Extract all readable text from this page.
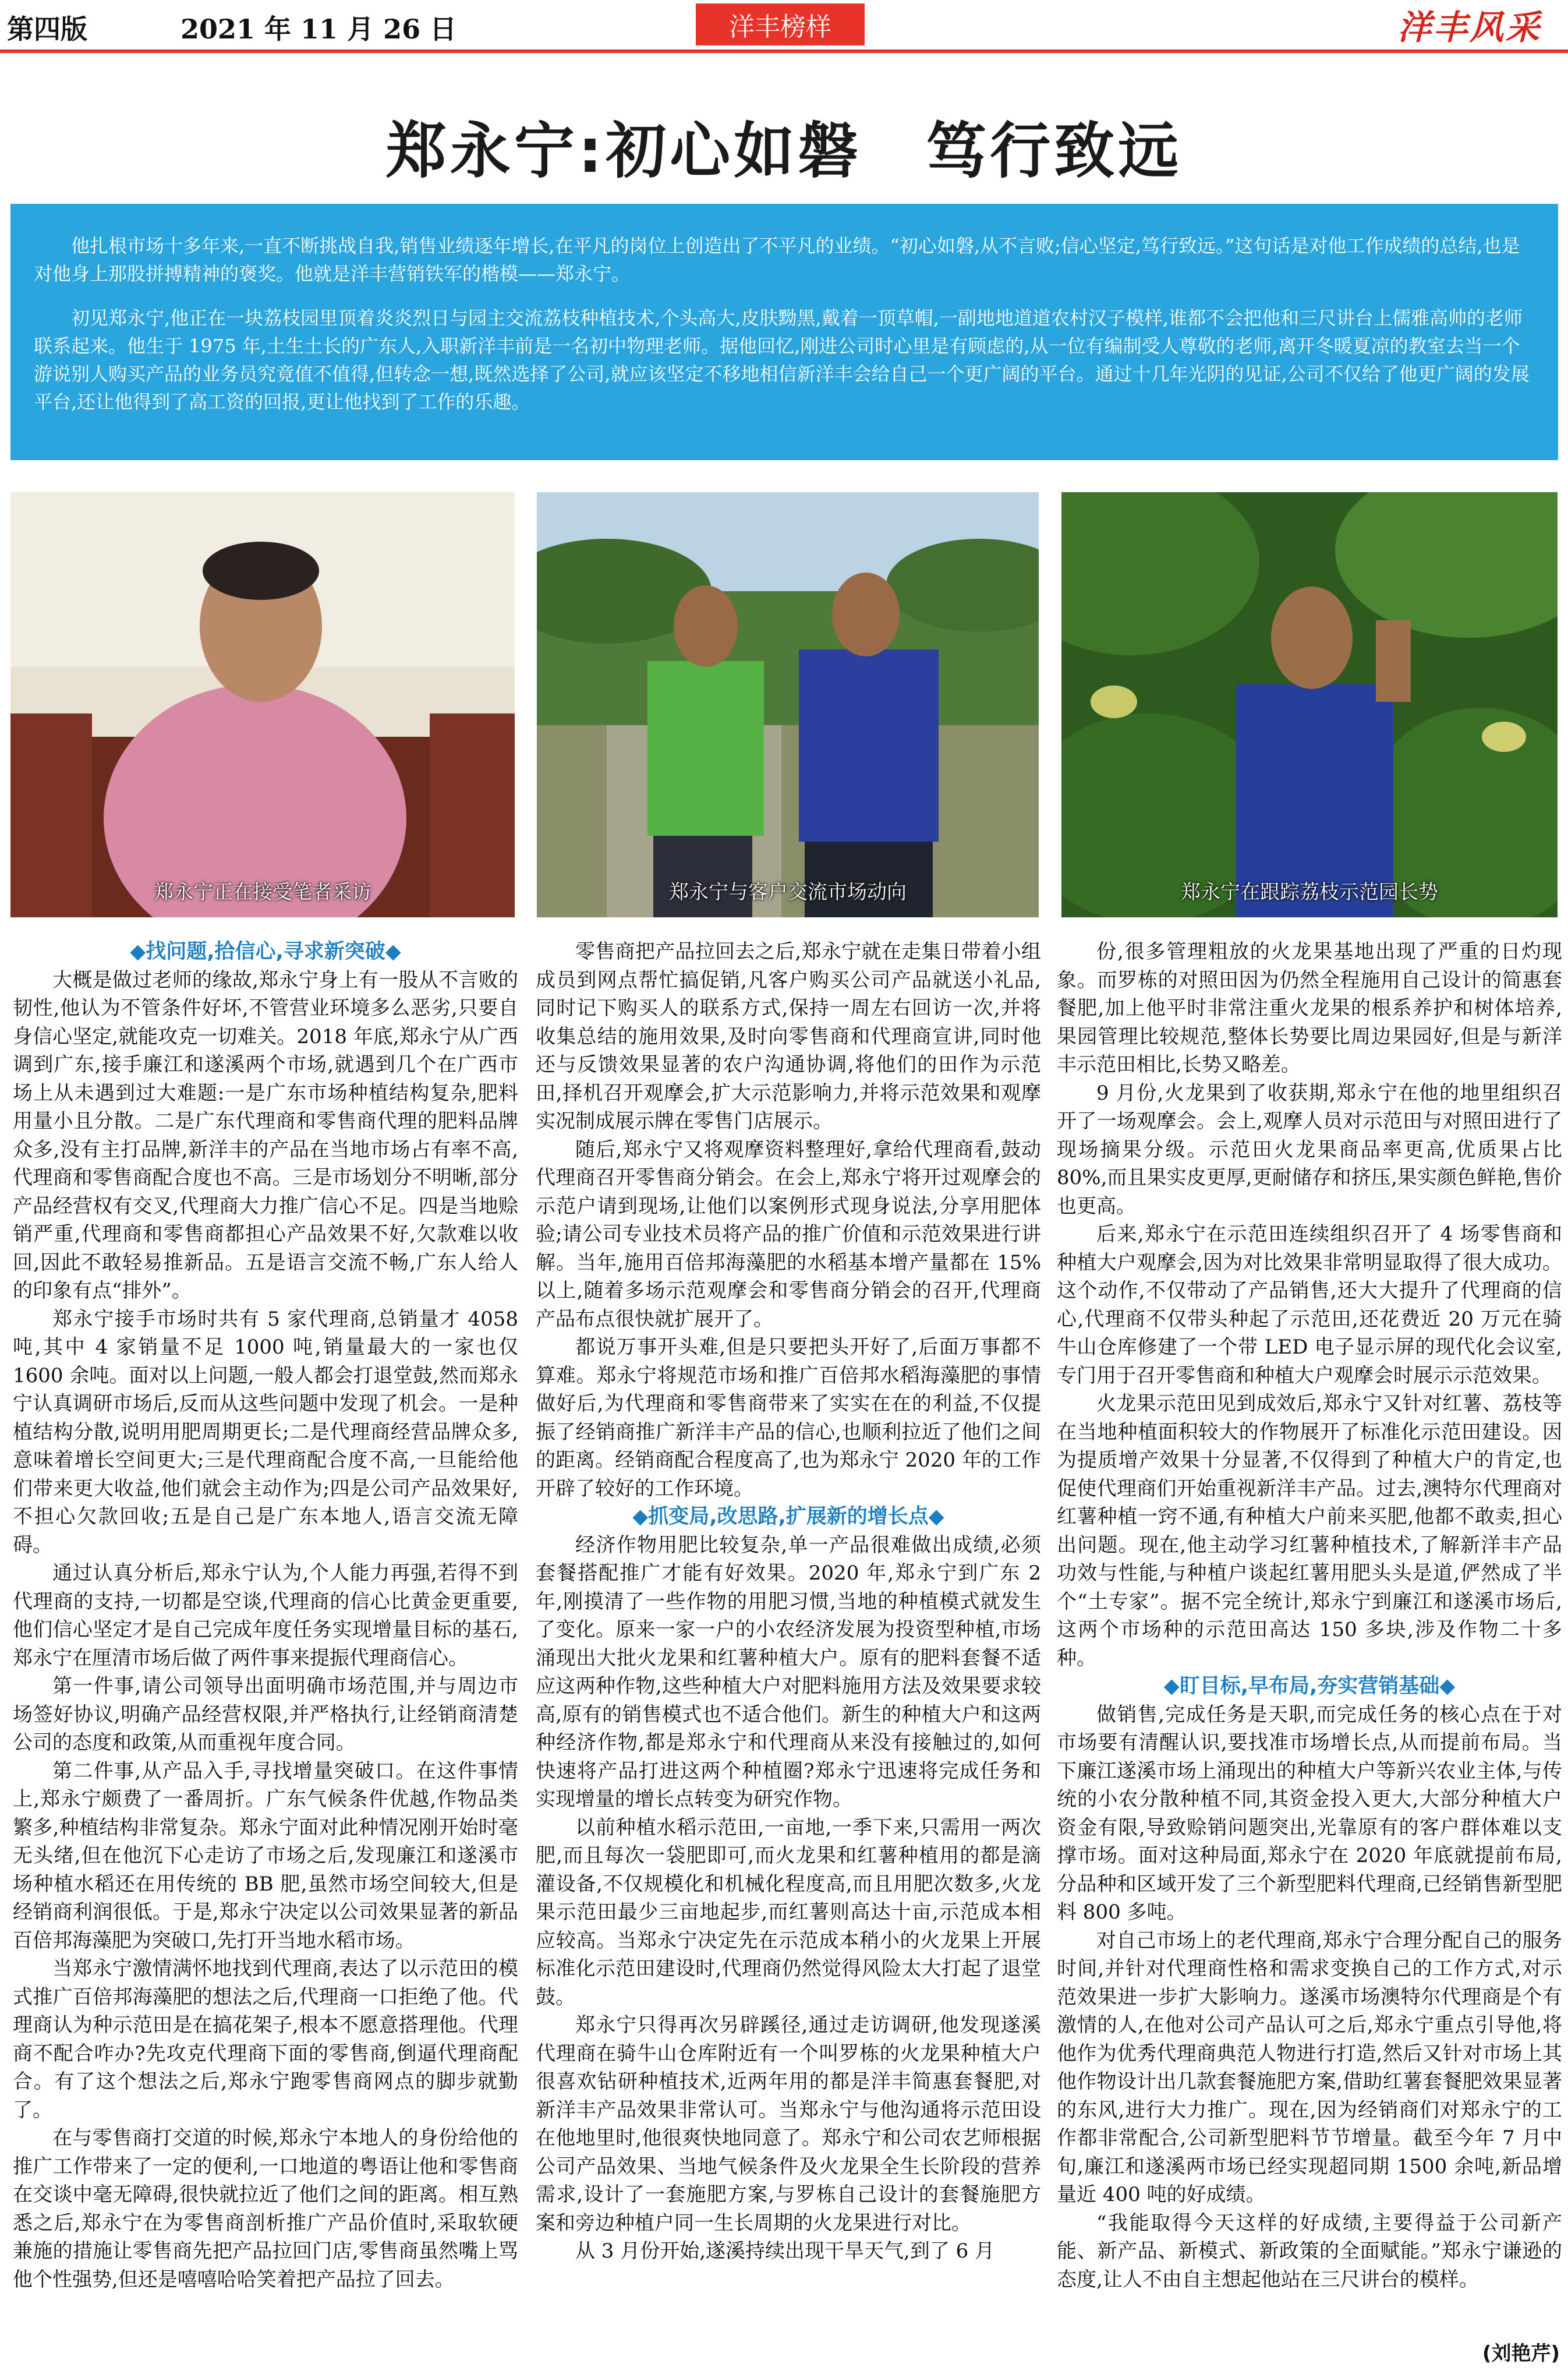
第四版	2021 年 11 月 26 日	洋丰榜样	洋丰风采
郑永宁:初心如磐　笃行致远

他扎根市场十多年来,一直不断挑战自我,销售业绩逐年增长,在平凡的岗位上创造出了不平凡的业绩。“初心如磐,从不言败;信心坚定,笃行致远。”这句话是对他工作成绩的总结,也是对他身上那股拼搏精神的褒奖。他就是洋丰营销铁军的楷模——郑永宁。

初见郑永宁,他正在一块荔枝园里顶着炎炎烈日与园主交流荔枝种植技术,个头高大,皮肤黝黑,戴着一顶草帽,一副地地道道农村汉子模样,谁都不会把他和三尺讲台上儒雅高帅的老师联系起来。他生于 1975 年,土生土长的广东人,入职新洋丰前是一名初中物理老师。据他回忆,刚进公司时心里是有顾虑的,从一位有编制受人尊敬的老师,离开冬暖夏凉的教室去当一个游说别人购买产品的业务员究竟值不值得,但转念一想,既然选择了公司,就应该坚定不移地相信新洋丰会给自己一个更广阔的平台。通过十几年光阴的见证,公司不仅给了他更广阔的发展平台,还让他得到了高工资的回报,更让他找到了工作的乐趣。

郑永宁正在接受笔者采访	郑永宁与客户交流市场动向	郑永宁在跟踪荔枝示范园长势

◆找问题,拾信心,寻求新突破◆

大概是做过老师的缘故,郑永宁身上有一股从不言败的韧性,他认为不管条件好坏,不管营业环境多么恶劣,只要自身信心坚定,就能攻克一切难关。2018 年底,郑永宁从广西调到广东,接手廉江和遂溪两个市场,就遇到几个在广西市场上从未遇到过大难题:一是广东市场种植结构复杂,肥料用量小且分散。二是广东代理商和零售商代理的肥料品牌众多,没有主打品牌,新洋丰的产品在当地市场占有率不高,代理商和零售商配合度也不高。三是市场划分不明晰,部分产品经营权有交叉,代理商大力推广信心不足。四是当地赊销严重,代理商和零售商都担心产品效果不好,欠款难以收回,因此不敢轻易推新品。五是语言交流不畅,广东人给人的印象有点“排外”。

郑永宁接手市场时共有 5 家代理商,总销量才 4058 吨,其中 4 家销量不足 1000 吨,销量最大的一家也仅 1600 余吨。面对以上问题,一般人都会打退堂鼓,然而郑永宁认真调研市场后,反而从这些问题中发现了机会。一是种植结构分散,说明用肥周期更长;二是代理商经营品牌众多,意味着增长空间更大;三是代理商配合度不高,一旦能给他们带来更大收益,他们就会主动作为;四是公司产品效果好,不担心欠款回收;五是自己是广东本地人,语言交流无障碍。

通过认真分析后,郑永宁认为,个人能力再强,若得不到代理商的支持,一切都是空谈,代理商的信心比黄金更重要,他们信心坚定才是自己完成年度任务实现增量目标的基石,郑永宁在厘清市场后做了两件事来提振代理商信心。

第一件事,请公司领导出面明确市场范围,并与周边市场签好协议,明确产品经营权限,并严格执行,让经销商清楚公司的态度和政策,从而重视年度合同。

第二件事,从产品入手,寻找增量突破口。在这件事情上,郑永宁颇费了一番周折。广东气候条件优越,作物品类繁多,种植结构非常复杂。郑永宁面对此种情况刚开始时毫无头绪,但在他沉下心走访了市场之后,发现廉江和遂溪市场种植水稻还在用传统的 BB 肥,虽然市场空间较大,但是经销商利润很低。于是,郑永宁决定以公司效果显著的新品百倍邦海藻肥为突破口,先打开当地水稻市场。

当郑永宁激情满怀地找到代理商,表达了以示范田的模式推广百倍邦海藻肥的想法之后,代理商一口拒绝了他。代理商认为种示范田是在搞花架子,根本不愿意搭理他。代理商不配合咋办?先攻克代理商下面的零售商,倒逼代理商配合。有了这个想法之后,郑永宁跑零售商网点的脚步就勤了。

在与零售商打交道的时候,郑永宁本地人的身份给他的推广工作带来了一定的便利,一口地道的粤语让他和零售商在交谈中毫无障碍,很快就拉近了他们之间的距离。相互熟悉之后,郑永宁在为零售商剖析推广产品价值时,采取软硬兼施的措施让零售商先把产品拉回门店,零售商虽然嘴上骂他个性强势,但还是嘻嘻哈哈笑着把产品拉了回去。

零售商把产品拉回去之后,郑永宁就在走集日带着小组成员到网点帮忙搞促销,凡客户购买公司产品就送小礼品,同时记下购买人的联系方式,保持一周左右回访一次,并将收集总结的施用效果,及时向零售商和代理商宣讲,同时他还与反馈效果显著的农户沟通协调,将他们的田作为示范田,择机召开观摩会,扩大示范影响力,并将示范效果和观摩实况制成展示牌在零售门店展示。

随后,郑永宁又将观摩资料整理好,拿给代理商看,鼓动代理商召开零售商分销会。在会上,郑永宁将开过观摩会的示范户请到现场,让他们以案例形式现身说法,分享用肥体验;请公司专业技术员将产品的推广价值和示范效果进行讲解。当年,施用百倍邦海藻肥的水稻基本增产量都在 15%以上,随着多场示范观摩会和零售商分销会的召开,代理商产品布点很快就扩展开了。

都说万事开头难,但是只要把头开好了,后面万事都不算难。郑永宁将规范市场和推广百倍邦水稻海藻肥的事情做好后,为代理商和零售商带来了实实在在的利益,不仅提振了经销商推广新洋丰产品的信心,也顺利拉近了他们之间的距离。经销商配合程度高了,也为郑永宁 2020 年的工作开辟了较好的工作环境。

◆抓变局,改思路,扩展新的增长点◆

经济作物用肥比较复杂,单一产品很难做出成绩,必须套餐搭配推广才能有好效果。2020 年,郑永宁到广东 2 年,刚摸清了一些作物的用肥习惯,当地的种植模式就发生了变化。原来一家一户的小农经济发展为投资型种植,市场涌现出大批火龙果和红薯种植大户。原有的肥料套餐不适应这两种作物,这些种植大户对肥料施用方法及效果要求较高,原有的销售模式也不适合他们。新生的种植大户和这两种经济作物,都是郑永宁和代理商从来没有接触过的,如何快速将产品打进这两个种植圈?郑永宁迅速将完成任务和实现增量的增长点转变为研究作物。

以前种植水稻示范田,一亩地,一季下来,只需用一两次肥,而且每次一袋肥即可,而火龙果和红薯种植用的都是滴灌设备,不仅规模化和机械化程度高,而且用肥次数多,火龙果示范田最少三亩地起步,而红薯则高达十亩,示范成本相应较高。当郑永宁决定先在示范成本稍小的火龙果上开展标准化示范田建设时,代理商仍然觉得风险太大打起了退堂鼓。

郑永宁只得再次另辟蹊径,通过走访调研,他发现遂溪代理商在骑牛山仓库附近有一个叫罗栋的火龙果种植大户很喜欢钻研种植技术,近两年用的都是洋丰简惠套餐肥,对新洋丰产品效果非常认可。当郑永宁与他沟通将示范田设在他地里时,他很爽快地同意了。郑永宁和公司农艺师根据公司产品效果、当地气候条件及火龙果全生长阶段的营养需求,设计了一套施肥方案,与罗栋自己设计的套餐施肥方案和旁边种植户同一生长周期的火龙果进行对比。

从 3 月份开始,遂溪持续出现干旱天气,到了 6 月

份,很多管理粗放的火龙果基地出现了严重的日灼现象。而罗栋的对照田因为仍然全程施用自己设计的简惠套餐肥,加上他平时非常注重火龙果的根系养护和树体培养,果园管理比较规范,整体长势要比周边果园好,但是与新洋丰示范田相比,长势又略差。

9 月份,火龙果到了收获期,郑永宁在他的地里组织召开了一场观摩会。会上,观摩人员对示范田与对照田进行了现场摘果分级。示范田火龙果商品率更高,优质果占比 80%,而且果实皮更厚,更耐储存和挤压,果实颜色鲜艳,售价也更高。

后来,郑永宁在示范田连续组织召开了 4 场零售商和种植大户观摩会,因为对比效果非常明显取得了很大成功。这个动作,不仅带动了产品销售,还大大提升了代理商的信心,代理商不仅带头种起了示范田,还花费近 20 万元在骑牛山仓库修建了一个带 LED 电子显示屏的现代化会议室,专门用于召开零售商和种植大户观摩会时展示示范效果。

火龙果示范田见到成效后,郑永宁又针对红薯、荔枝等在当地种植面积较大的作物展开了标准化示范田建设。因为提质增产效果十分显著,不仅得到了种植大户的肯定,也促使代理商们开始重视新洋丰产品。过去,澳特尔代理商对红薯种植一窍不通,有种植大户前来买肥,他都不敢卖,担心出问题。现在,他主动学习红薯种植技术,了解新洋丰产品功效与性能,与种植户谈起红薯用肥头头是道,俨然成了半个“土专家”。据不完全统计,郑永宁到廉江和遂溪市场后,这两个市场种的示范田高达 150 多块,涉及作物二十多种。

◆盯目标,早布局,夯实营销基础◆

做销售,完成任务是天职,而完成任务的核心点在于对市场要有清醒认识,要找准市场增长点,从而提前布局。当下廉江遂溪市场上涌现出的种植大户等新兴农业主体,与传统的小农分散种植不同,其资金投入更大,大部分种植大户资金有限,导致赊销问题突出,光靠原有的客户群体难以支撑市场。面对这种局面,郑永宁在 2020 年底就提前布局,分品种和区域开发了三个新型肥料代理商,已经销售新型肥料 800 多吨。

对自己市场上的老代理商,郑永宁合理分配自己的服务时间,并针对代理商性格和需求变换自己的工作方式,对示范效果进一步扩大影响力。遂溪市场澳特尔代理商是个有激情的人,在他对公司产品认可之后,郑永宁重点引导他,将他作为优秀代理商典范人物进行打造,然后又针对市场上其他作物设计出几款套餐施肥方案,借助红薯套餐肥效果显著的东风,进行大力推广。现在,因为经销商们对郑永宁的工作都非常配合,公司新型肥料节节增量。截至今年 7 月中旬,廉江和遂溪两市场已经实现超同期 1500 余吨,新品增量近 400 吨的好成绩。

“我能取得今天这样的好成绩,主要得益于公司新产能、新产品、新模式、新政策的全面赋能。”郑永宁谦逊的态度,让人不由自主想起他站在三尺讲台的模样。

(刘艳芹)
